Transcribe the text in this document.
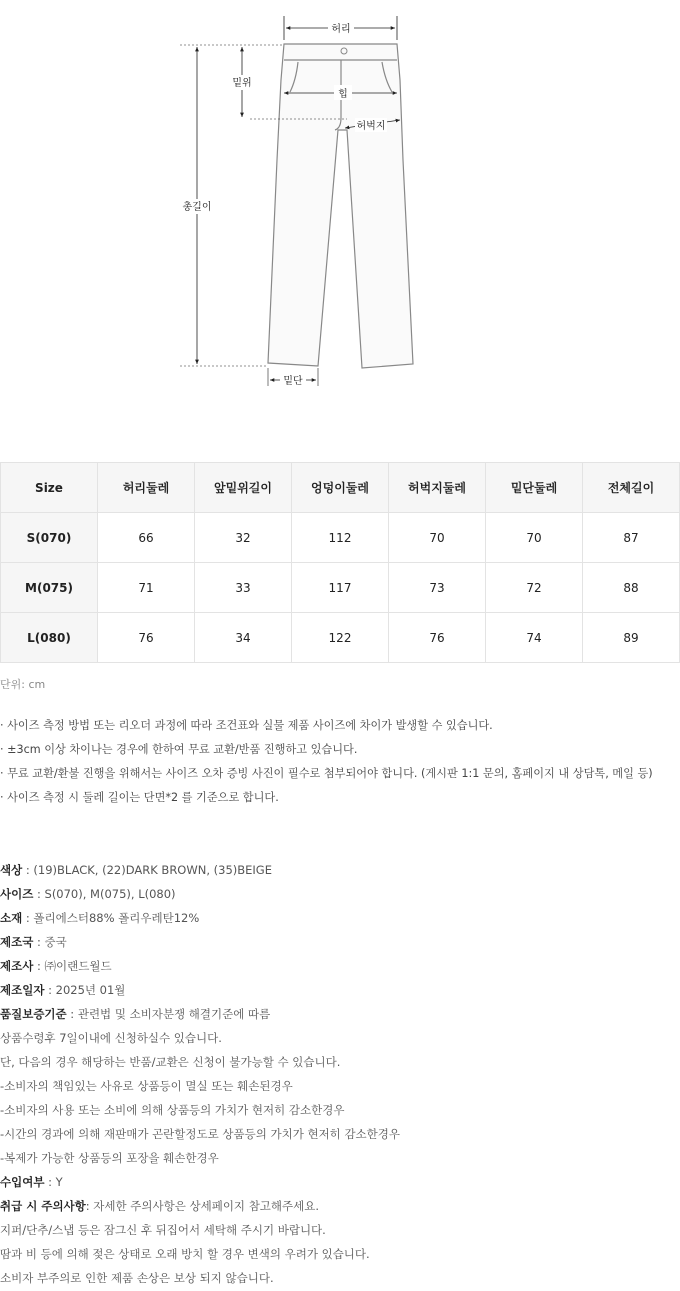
허리
밑위
힙
허벅지
총길이
밑단
Size	허리둘레	앞밑위길이	엉덩이둘레	허벅지둘레	밑단둘레	전체길이
S(070)	66	32	112	70	70	87
M(075)	71	33	117	73	72	88
L(080)	76	34	122	76	74	89
단위: cm
· 사이즈 측정 방법 또는 리오더 과정에 따라 조건표와 실물 제품 사이즈에 차이가 발생할 수 있습니다.
· ±3cm 이상 차이나는 경우에 한하여 무료 교환/반품 진행하고 있습니다.
· 무료 교환/환불 진행을 위해서는 사이즈 오차 증빙 사진이 필수로 첨부되어야 합니다. (게시판 1:1 문의, 홈페이지 내 상담톡, 메일 등)
· 사이즈 측정 시 둘레 길이는 단면*2 를 기준으로 합니다.
색상 : (19)BLACK, (22)DARK BROWN, (35)BEIGE
사이즈 : S(070), M(075), L(080)
소재 : 폴리에스터88% 폴리우레탄12%
제조국 : 중국
제조사 : ㈜이랜드월드
제조일자 : 2025년 01월
품질보증기준 : 관련법 및 소비자분쟁 해결기준에 따름
상품수령후 7일이내에 신청하실수 있습니다.
단, 다음의 경우 해당하는 반품/교환은 신청이 불가능할 수 있습니다.
-소비자의 책임있는 사유로 상품등이 멸실 또는 훼손된경우
-소비자의 사용 또는 소비에 의해 상품등의 가치가 현저히 감소한경우
-시간의 경과에 의해 재판매가 곤란할정도로 상품등의 가치가 현저히 감소한경우
-복제가 가능한 상품등의 포장을 훼손한경우
수입여부 : Y
취급 시 주의사항: 자세한 주의사항은 상세페이지 참고해주세요.
지퍼/단추/스냅 등은 잠그신 후 뒤집어서 세탁해 주시기 바랍니다.
땀과 비 등에 의해 젖은 상태로 오래 방치 할 경우 변색의 우려가 있습니다.
소비자 부주의로 인한 제품 손상은 보상 되지 않습니다.
